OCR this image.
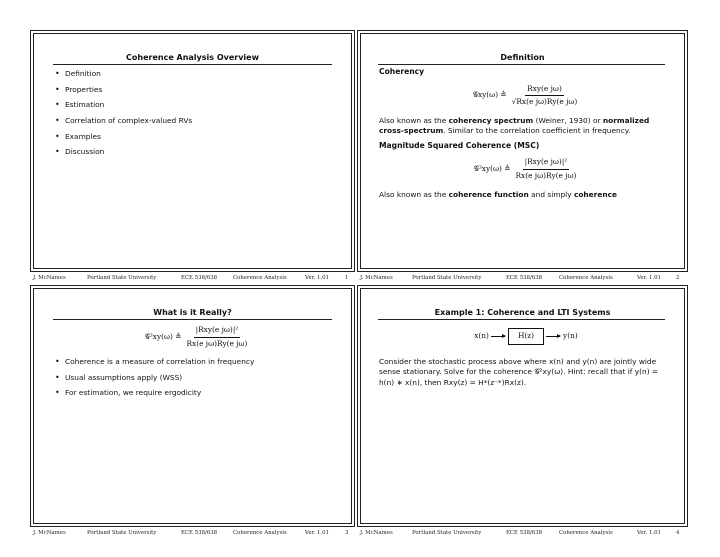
Coherence Analysis Overview
• Definition
• Properties
• Estimation
• Correlation of complex-valued RVs
• Examples
• Discussion
Definition

Coherency

𝒢xy(ω) ≜ $\frac{\text{Rxy(e jω)}}{\text{√Rx(e jω)Ry(e jω)}}$

Also known as the coherency spectrum (Weiner, 1930) or normalized cross-spectrum. Similar to the correlation coefficient in frequency.

Magnitude Squared Coherence (MSC)

𝒢²xy(ω) ≜ $\frac{\text{|Rxy(e jω)|²}}{\text{Rx(e jω)Ry(e jω)}}$

Also known as the coherence function and simply coherence

What is it Really?
𝒢²xy(ω) ≜ $\frac{\text{|Rxy(e jω)|²}}{\text{Rx(e jω)Ry(e jω)}}$
• Coherence is a measure of correlation in frequency
• Usual assumptions apply (WSS)
• For estimation, we require ergodicity
Example 1: Coherence and LTI Systems
x(n)	H(z)	y(n)

Consider the stochastic process above where x(n) and y(n) are jointly wide sense stationary. Solve for the coherence 𝒢²xy(ω). Hint: recall that if y(n) = h(n) ∗ x(n), then Rxy(z) = H*(z⁻*)Rx(z).

J. McNames	Portland State University	ECE 538/638	Coherence Analysis	Ver. 1.01	1 J. McNames	Portland State University	ECE 538/638	Coherence Analysis	Ver. 1.01	2
J. McNames	Portland State University	ECE 538/638	Coherence Analysis	Ver. 1.01	3 J. McNames	Portland State University	ECE 538/638	Coherence Analysis	Ver. 1.01	4
